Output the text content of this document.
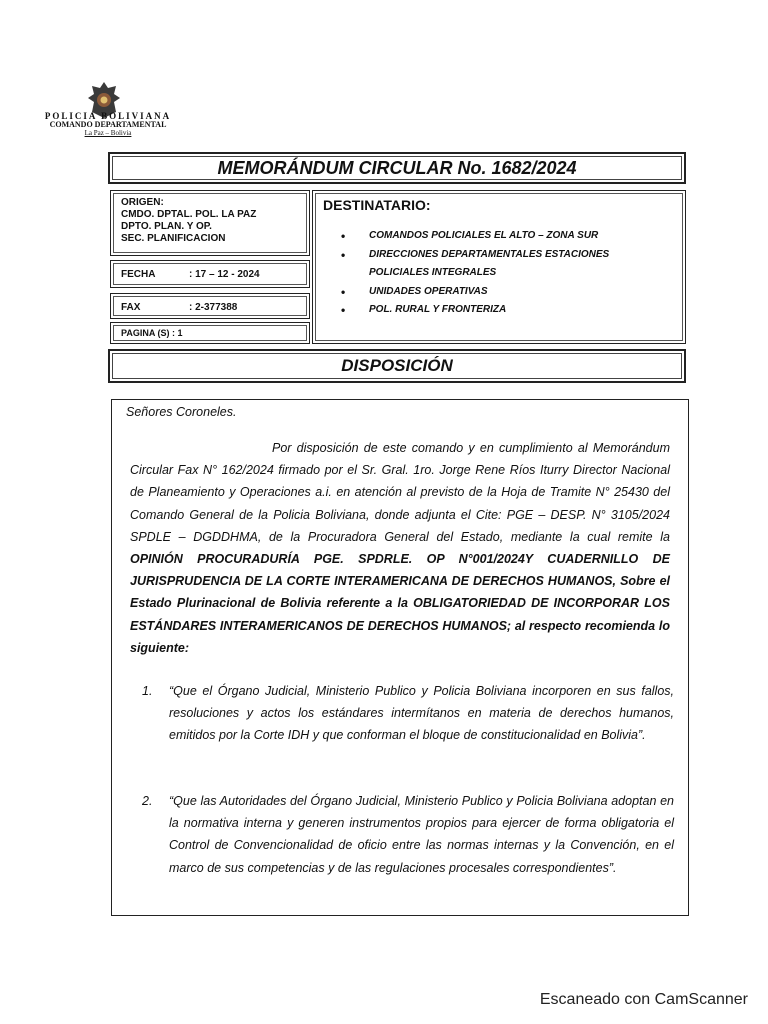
POLICIA BOLIVIANA
COMANDO DEPARTAMENTAL
La Paz – Bolivia
MEMORÁNDUM CIRCULAR No. 1682/2024
ORIGEN:
CMDO. DPTAL. POL. LA PAZ
DPTO. PLAN. Y OP.
SEC. PLANIFICACION
FECHA	: 17 – 12 - 2024
FAX	: 2-377388
PAGINA (S) : 1
DESTINATARIO:
• COMANDOS POLICIALES EL ALTO – ZONA SUR
• DIRECCIONES DEPARTAMENTALES ESTACIONES POLICIALES INTEGRALES
• UNIDADES OPERATIVAS
• POL. RURAL Y FRONTERIZA
DISPOSICIÓN
Señores Coroneles.
Por disposición de este comando y en cumplimiento al Memorándum Circular Fax N° 162/2024 firmado por el Sr. Gral. 1ro. Jorge Rene Ríos Iturry Director Nacional de Planeamiento y Operaciones a.i. en atención al previsto de la Hoja de Tramite N° 25430 del Comando General de la Policia Boliviana, donde adjunta el Cite: PGE – DESP. N° 3105/2024 SPDLE – DGDDHMA, de la Procuradora General del Estado, mediante la cual remite la OPINIÓN PROCURADURÍA PGE. SPDRLE. OP N°001/2024Y CUADERNILLO DE JURISPRUDENCIA DE LA CORTE INTERAMERICANA DE DERECHOS HUMANOS, Sobre el Estado Plurinacional de Bolivia referente a la OBLIGATORIEDAD DE INCORPORAR LOS ESTÁNDARES INTERAMERICANOS DE DERECHOS HUMANOS; al respecto recomienda lo siguiente:
1.	“Que el Órgano Judicial, Ministerio Publico y Policia Boliviana incorporen en sus fallos, resoluciones y actos los estándares intermítanos en materia de derechos humanos, emitidos por la Corte IDH y que conforman el bloque de constitucionalidad en Bolivia”.
2.	“Que las Autoridades del Órgano Judicial, Ministerio Publico y Policia Boliviana adoptan en la normativa interna y generen instrumentos propios para ejercer de forma obligatoria el Control de Convencionalidad de oficio entre las normas internas y la Convención, en el marco de sus competencias y de las regulaciones procesales correspondientes”.
Escaneado con CamScanner
